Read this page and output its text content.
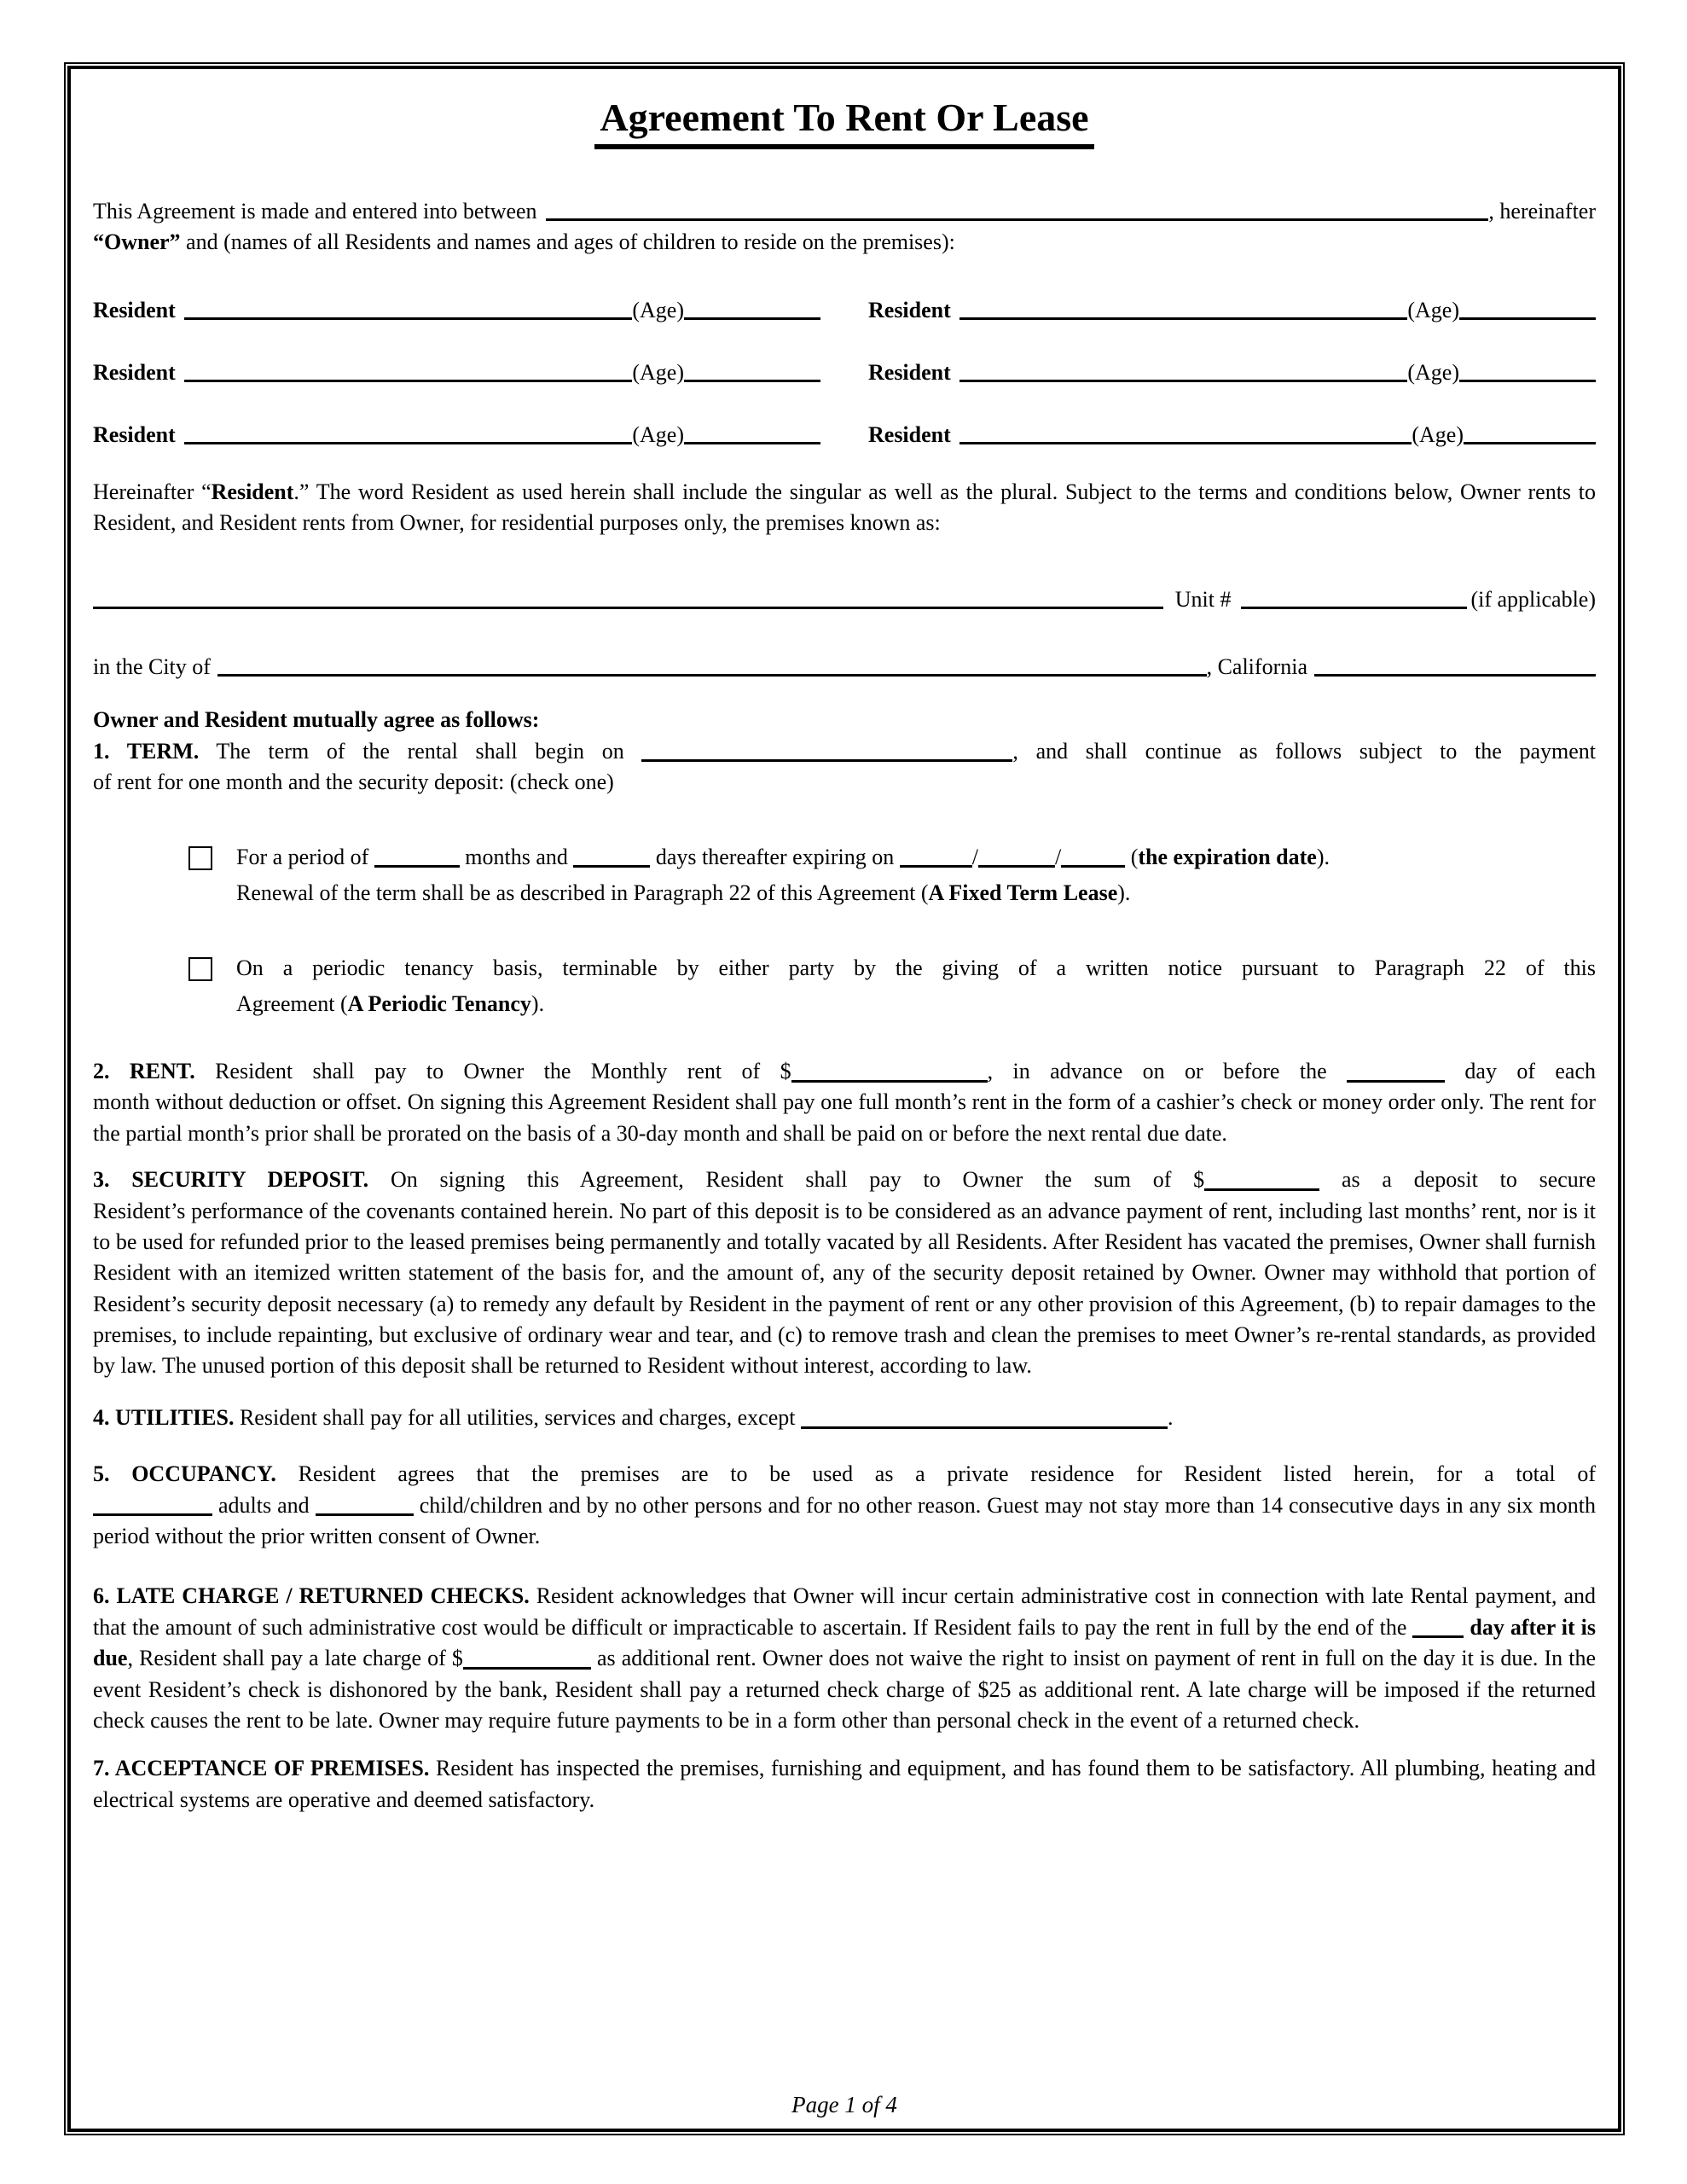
Agreement To Rent Or Lease
This Agreement is made and entered into between	, hereinafter
“Owner” and (names of all Residents and names and ages of children to reside on the premises):
Resident	(Age)	Resident	(Age)
Resident	(Age)	Resident	(Age)
Resident	(Age)	Resident	(Age)
Hereinafter “Resident.” The word Resident as used herein shall include the singular as well as the plural. Subject to the terms and conditions below, Owner rents to Resident, and Resident rents from Owner, for residential purposes only, the premises known as:
Unit #	(if applicable)
in the City of	, California
Owner and Resident mutually agree as follows:
1. TERM. The term of the rental shall begin on	, and shall continue as follows subject to the payment
of rent for one month and the security deposit: (check one)
For a period of	months and	days thereafter expiring on	/	/	(the expiration date).
Renewal of the term shall be as described in Paragraph 22 of this Agreement (A Fixed Term Lease).
On a periodic tenancy basis, terminable by either party by the giving of a written notice pursuant to Paragraph 22 of this
Agreement (A Periodic Tenancy).
2. RENT. Resident shall pay to Owner the Monthly rent of $	, in advance on or before the	day of each
month without deduction or offset. On signing this Agreement Resident shall pay one full month’s rent in the form of a cashier’s check or money order only. The rent for the partial month’s prior shall be prorated on the basis of a 30-day month and shall be paid on or before the next rental due date.
3. SECURITY DEPOSIT. On signing this Agreement, Resident shall pay to Owner the sum of $	as a deposit to secure
Resident’s performance of the covenants contained herein. No part of this deposit is to be considered as an advance payment of rent, including last months’ rent, nor is it to be used for refunded prior to the leased premises being permanently and totally vacated by all Residents. After Resident has vacated the premises, Owner shall furnish Resident with an itemized written statement of the basis for, and the amount of, any of the security deposit retained by Owner. Owner may withhold that portion of Resident’s security deposit necessary (a) to remedy any default by Resident in the payment of rent or any other provision of this Agreement, (b) to repair damages to the premises, to include repainting, but exclusive of ordinary wear and tear, and (c) to remove trash and clean the premises to meet Owner’s re-rental standards, as provided by law. The unused portion of this deposit shall be returned to Resident without interest, according to law.
4. UTILITIES. Resident shall pay for all utilities, services and charges, except	.
5. OCCUPANCY. Resident agrees that the premises are to be used as a private residence for Resident listed herein, for a total of
adults and	child/children and by no other persons and for no other reason. Guest may not stay more than 14 consecutive days in any six month period without the prior written consent of Owner.
6. LATE CHARGE / RETURNED CHECKS. Resident acknowledges that Owner will incur certain administrative cost in connection with late Rental payment, and that the amount of such administrative cost would be difficult or impracticable to ascertain. If Resident fails to pay the rent in full by the end of the  day after it is due, Resident shall pay a late charge of $	as additional rent. Owner does not waive the right to insist on payment of rent in full on the day it is due. In the event Resident’s check is dishonored by the bank, Resident shall pay a returned check charge of $25 as additional rent. A late charge will be imposed if the returned check causes the rent to be late. Owner may require future payments to be in a form other than personal check in the event of a returned check.
7. ACCEPTANCE OF PREMISES. Resident has inspected the premises, furnishing and equipment, and has found them to be satisfactory. All plumbing, heating and electrical systems are operative and deemed satisfactory.
Page 1 of 4
